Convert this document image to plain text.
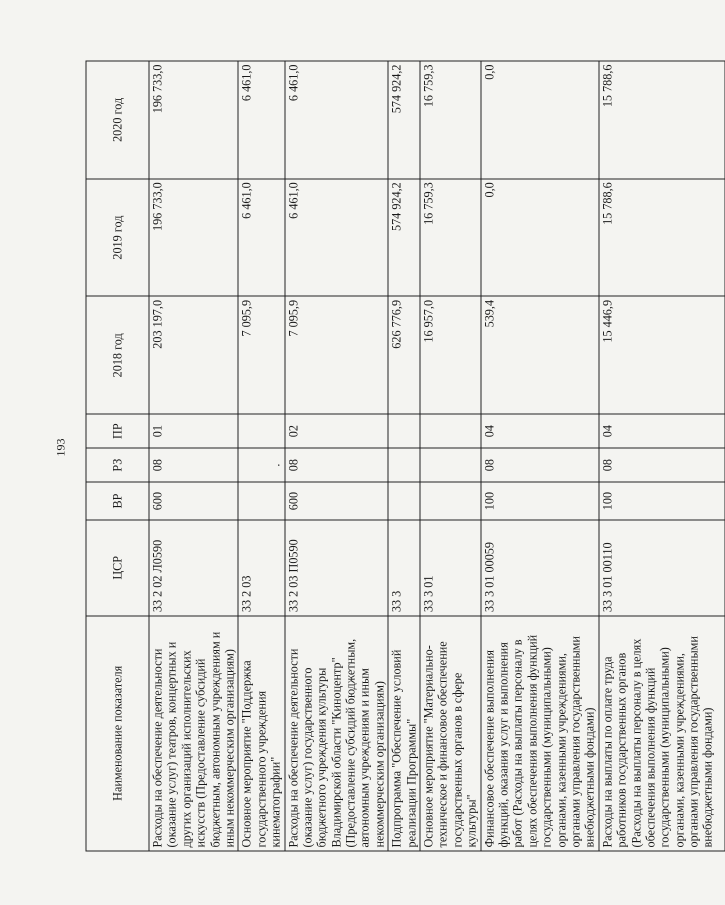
193
Наименование показателя	ЦСР	ВР	РЗ	ПР	2018 год	2019 год	2020 год
Расходы на обеспечение деятельности (оказание услуг) театров, концертных и других организаций исполнительских искусств (Предоставление субсидий бюджетным, автономным учреждениям и иным некоммерческим организациям)	33 2 02 Л0590	600	08	01	203 197,0	196 733,0	196 733,0
Основное мероприятие "Поддержка государственного учреждения кинематографии"	33 2 03		.		7 095,9	6 461,0	6 461,0
Расходы на обеспечение деятельности (оказание услуг) государственного бюджетного учреждения культуры Владимирской области "Киноцентр" (Предоставление субсидий бюджетным, автономным учреждениям и иным некоммерческим организациям)	33 2 03 П0590	600	08	02	7 095,9	6 461,0	6 461,0
Подпрограмма "Обеспечение условий реализации Программы"	33 3				626 776,9	574 924,2	574 924,2
Основное мероприятие "Материально-техническое и финансовое обеспечение государственных органов в сфере культуры"	33 3 01				16 957,0	16 759,3	16 759,3
Финансовое обеспечение выполнения функций, оказания услуг и выполнения работ (Расходы на выплаты персоналу в целях обеспечения выполнения функций государственными (муниципальными) органами, казенными учреждениями, органами управления государственными внебюджетными фондами)	33 3 01 00059	100	08	04	539,4	0,0	0,0
Расходы на выплаты по оплате труда работников государственных органов (Расходы на выплаты персоналу в целях обеспечения выполнения функций государственными (муниципальными) органами, казенными учреждениями, органами управления государственными внебюджетными фондами)	33 3 01 00110	100	08	04	15 446,9	15 788,6	15 788,6
